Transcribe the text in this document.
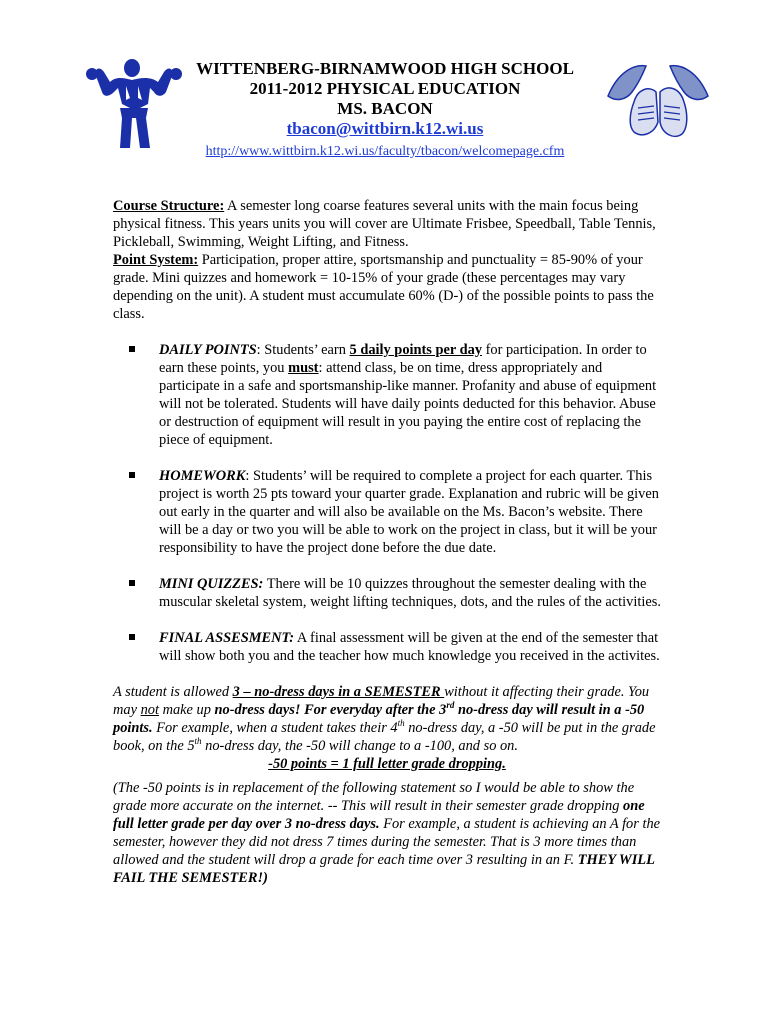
WITTENBERG-BIRNAMWOOD HIGH SCHOOL
2011-2012 PHYSICAL EDUCATION
MS. BACON
tbacon@wittbirn.k12.wi.us
http://www.wittbirn.k12.wi.us/faculty/tbacon/welcomepage.cfm

Course Structure: A semester long coarse features several units with the main focus being physical fitness. This years units you will cover are Ultimate Frisbee, Speedball, Table Tennis, Pickleball, Swimming, Weight Lifting, and Fitness.

Point System: Participation, proper attire, sportsmanship and punctuality = 85-90% of your grade. Mini quizzes and homework = 10-15% of your grade (these percentages may vary depending on the unit). A student must accumulate 60% (D-) of the possible points to pass the class.

DAILY POINTS: Students’ earn 5 daily points per day for participation. In order to earn these points, you must: attend class, be on time, dress appropriately and participate in a safe and sportsmanship-like manner. Profanity and abuse of equipment will not be tolerated. Students will have daily points deducted for this behavior. Abuse or destruction of equipment will result in you paying the entire cost of replacing the piece of equipment.
HOMEWORK: Students’ will be required to complete a project for each quarter. This project is worth 25 pts toward your quarter grade. Explanation and rubric will be given out early in the quarter and will also be available on the Ms. Bacon’s website. There will be a day or two you will be able to work on the project in class, but it will be your responsibility to have the project done before the due date.
MINI QUIZZES: There will be 10 quizzes throughout the semester dealing with the muscular skeletal system, weight lifting techniques, dots, and the rules of the activities.
FINAL ASSESMENT: A final assessment will be given at the end of the semester that will show both you and the teacher how much knowledge you received in the activites.

A student is allowed 3 – no-dress days in a SEMESTER without it affecting their grade. You may not make up no-dress days! For everyday after the 3rd no-dress day will result in a -50 points. For example, when a student takes their 4th no-dress day, a -50 will be put in the grade book, on the 5th no-dress day, the -50 will change to a -100, and so on.

-50 points = 1 full letter grade dropping.

(The -50 points is in replacement of the following statement so I would be able to show the grade more accurate on the internet. -- This will result in their semester grade dropping one full letter grade per day over 3 no-dress days. For example, a student is achieving an A for the semester, however they did not dress 7 times during the semester. That is 3 more times than allowed and the student will drop a grade for each time over 3 resulting in an F. THEY WILL FAIL THE SEMESTER!)
